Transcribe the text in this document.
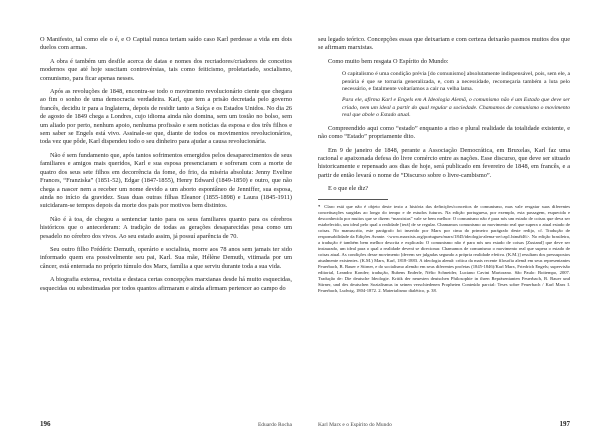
O Manifesto, tal como ele o é, e O Capital nunca teriam saído caso Karl perdesse a vida em dois duelos com armas.

A obra é também um desfile acerca de datas e nomes dos recriadores/criadores de conceitos modernos que até hoje suscitam controvérsias, tais como feiticismo, proletariado, socialismo, comunismo, para ficar apenas nesses.

Após as revoluções de 1848, encontra-se todo o movimento revolucionário ciente que chegara ao fim o sonho de uma democracia verdadeira. Karl, que tem a prisão decretada pelo governo francês, decidiu ir para a Inglaterra, depois de residir tanto a Suíça e os Estados Unidos. No dia 26 de agosto de 1849 chega a Londres, cujo idioma ainda não domina, sem um tostão no bolso, sem um aliado por perto, nenhum apoio, nenhuma profissão e sem notícias da esposa e dos três filhos e sem saber se Engels está vivo. Assinale-se que, diante de todos os movimentos revolucionários, toda vez que pôde, Karl dispendeu todo o seu dinheiro para ajudar a causa revolucionária.

Não é sem fundamento que, após tantos sofrimentos emergidos pelos desaparecimentos de seus familiares e amigos mais queridos, Karl e sua esposa presenciaram e sofreram com a morte de quatro dos seus sete filhos em decorrência da fome, do frio, da miséria absoluta: Jenny Eveline Frances, “Franziska” (1851-52), Edgar (1847-1855), Henry Edward (1849-1850) e outro, que não chega a nascer nem a receber um nome devido a um aborto espontâneo de Jenniffer, sua esposa, ainda no início da gravidez. Suas duas outras filhas Eleanor (1855-1898) e Laura (1845-1911) suicidaram-se tempos depois da morte dos pais por motivos bem distintos.

Não é à toa, de chegou a sentenciar tanto para os seus familiares quanto para os cérebros históricos que o antecederam: A tradição de todas as gerações desaparecidas pesa como um pesadelo no cérebro dos vivos. Ao seu estado assim, já possuí aparência de 70.

Seu outro filho Frédéric Demuth, operário e socialista, morre aos 78 anos sem jamais ter sido informado quem era possivelmente seu pai, Karl. Sua mãe, Hélène Demuth, vitimada por um câncer, está enterrada no próprio túmulo dos Marx, família a que serviu durante toda a sua vida.

A biografia extensa, revisita e destaca certas concepções marxianas desde há muito esquecidas, esquecidas ou subestimadas por todos quantos afirmaram e ainda afirmam pertencer ao campo do

196	Eduardo Rocha

seu legado teórico. Concepções essas que deixariam e com certeza deixarão pasmos muitos dos que se afirmam marxistas.

Como muito bem resgata O Espírito do Mundo:

O capitalismo é uma condição prévia [do comunismo] absolutamente indispensável, pois, sem ele, a penúria é que se tornaria generalizada, e, com a necessidade, recomeçaria também a luta pelo necessário, e fatalmente voltaríamos a cair na velha lama.
Para ele, afirma Karl e Engels em A Ideologia Alemã, o comunismo não é um Estado que deve ser criado, nem um ideal a partir do qual regular a sociedade. Chamamos de comunismo o movimento real que abole o Estado atual.

Compreendido aqui como “estado” enquanto a riso e plural realidade da totalidade existente, e não como “Estado” propriamente dito.

Em 9 de janeiro de 1848, perante a Associação Democrática, em Bruxelas, Karl faz uma racional e apaixonada defesa do livre comércio entre as nações. Esse discurso, que deve ser situado historicamente e repensado aos dias de hoje, será publicado em fevereiro de 1848, em francês, e a partir de então levará o nome de “Discurso sobre o livre-cambismo”.

E o que ele diz?

* Claro está que não é objeto deste texto a história das definições/conceitos de comunismo, mas vale resgatar suas diferentes conceituações surgidas ao longo do tempo e de estudos futuros. Na edição portuguesa, por exemplo, esta passagem, esquecida e desconhecida por muitos que se dizem “marxistas” vale se bem melhor: O comunismo não é para nós um estado de coisas que deva ser estabelecido, um ideal pelo qual a realidade [terá] de se regular. Chamamos comunismo ao movimento real que supera o atual estado de coisas. No manuscrito, este parágrafo foi inserido por Marx por cima do primeiro parágrafo deste redijo, cf. Tradução de responsabilidade da Edições Avante. <www.marxists.org/portugues/marx/1845/ideologia-alema-oe/cap1.htm#i46>. No edição brasileira, a tradução é também bem melhor descrita e explicada: O comunismo não é para nós um estado de coisas [Zustand] que deve ser instaurado, um ideal para o qual a realidade deverá se direcionar. Chamamos de comunismo o movimento real que supera o estado de coisas atual. As condições desse movimento [devem ser julgadas segundo a própria realidade efetiva. (K.M.)] resultam dos pressupostos atualmente existentes. (K.M.) Marx, Karl, 1818-1883. A ideologia alemã: crítica da mais recente filosofia alemã em seus representantes Feuerbach, B. Bauer e Stirner, e do socialismo alemão em seus diferentes profetas (1845-1846)/Karl Marx, Friedrich Engels; supervisão editorial, Leandro Konder; tradução, Rubens Enderle, Nélio Schneider, Luciano Cavini Martorano. São Paulo: Boitempo, 2007. Tradução de: Die deutsche Ideologie. Kritik der neuesten deutschen Philosophie in ihren Repräsentanten Feuerbach, B. Bauer und Stirner, und des deutschen Sozialismus in seinen verschiedenen Propheten Conteúdo parcial: Teses sobre Feuerbach / Karl Marx I. Feuerbach, Ludwig, 1804-1872. 2. Materialismo dialético, p. 38.

Karl Marx e o Espírito do Mundo	197
